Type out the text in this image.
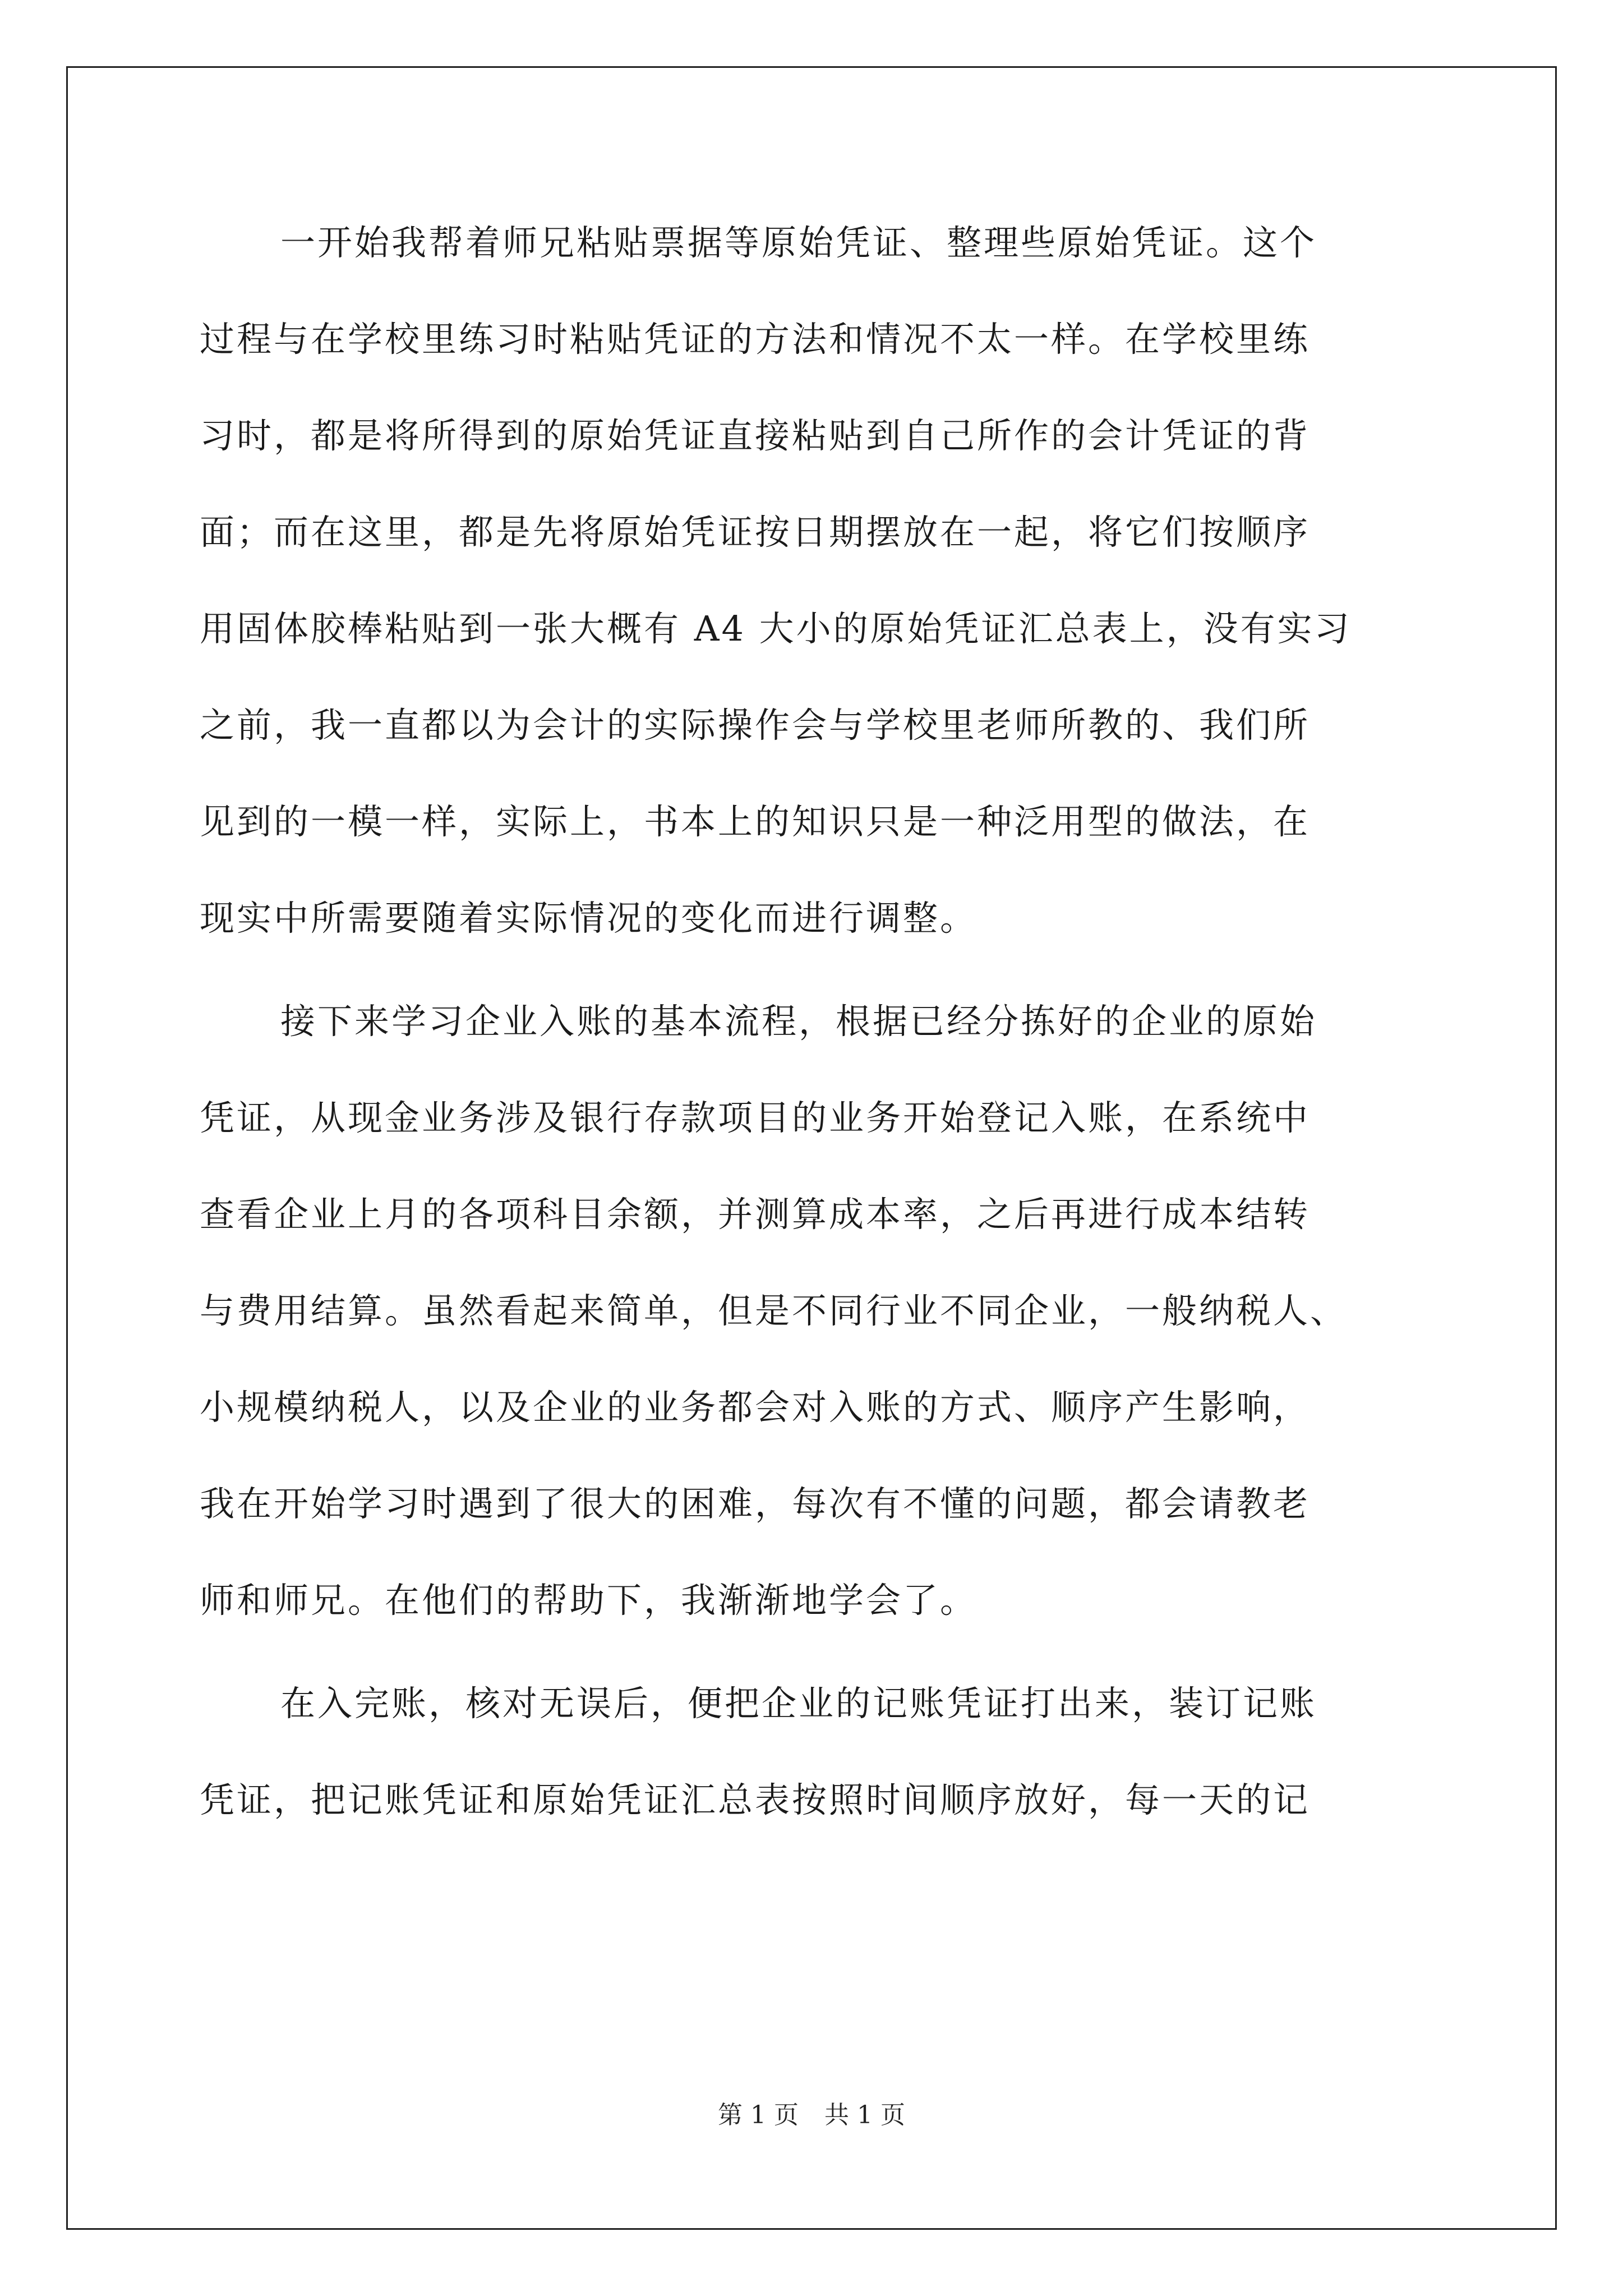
一开始我帮着师兄粘贴票据等原始凭证、整理些原始凭证。这个
过程与在学校里练习时粘贴凭证的方法和情况不太一样。在学校里练
习时，都是将所得到的原始凭证直接粘贴到自己所作的会计凭证的背
面；而在这里，都是先将原始凭证按日期摆放在一起，将它们按顺序
用固体胶棒粘贴到一张大概有 A4 大小的原始凭证汇总表上，没有实习
之前，我一直都以为会计的实际操作会与学校里老师所教的、我们所
见到的一模一样，实际上，书本上的知识只是一种泛用型的做法，在
现实中所需要随着实际情况的变化而进行调整。
接下来学习企业入账的基本流程，根据已经分拣好的企业的原始
凭证，从现金业务涉及银行存款项目的业务开始登记入账，在系统中
查看企业上月的各项科目余额，并测算成本率，之后再进行成本结转
与费用结算。虽然看起来简单，但是不同行业不同企业，一般纳税人、
小规模纳税人，以及企业的业务都会对入账的方式、顺序产生影响，
我在开始学习时遇到了很大的困难，每次有不懂的问题，都会请教老
师和师兄。在他们的帮助下，我渐渐地学会了。
在入完账，核对无误后，便把企业的记账凭证打出来，装订记账
凭证，把记账凭证和原始凭证汇总表按照时间顺序放好，每一天的记
第 1 页 共 1 页
